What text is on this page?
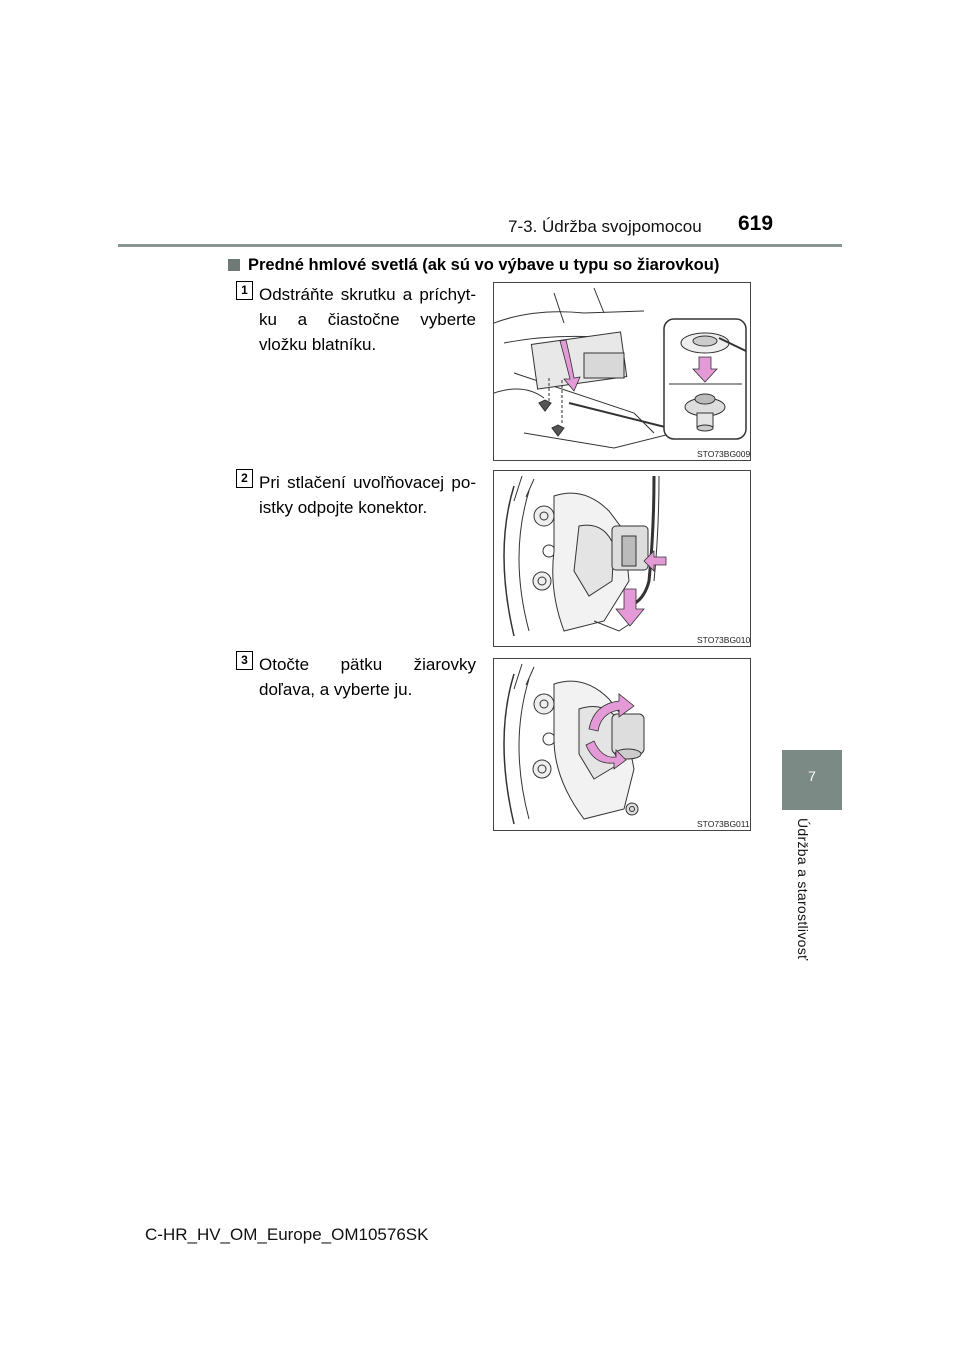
7-3. Údržba svojpomocou 619
7
Údržba a starostlivosť
Predné hmlové svetlá (ak sú vo výbave u typu so žiarovkou)
1 Odstráňte skrutku a príchyt-ku a čiastočne vyberte vložku blatníku.
STO73BG009
2 Pri stlačení uvoľňovacej po-istky odpojte konektor.
STO73BG010
3 Otočte pätku žiarovky doľava, a vyberte ju.
STO73BG011
C-HR_HV_OM_Europe_OM10576SK
